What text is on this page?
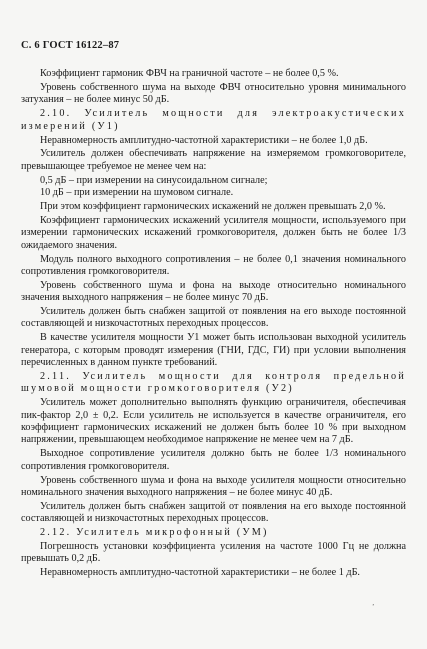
С. 6 ГОСТ 16122–87

Коэффициент гармоник ФВЧ на граничной частоте – не более 0,5 %.

Уровень собственного шума на выходе ФВЧ относительно уровня минимального затухания – не более минус 50 дБ.

2.10. Усилитель мощности для электроакустических измерений (У1)

Неравномерность амплитудно-частотной характеристики – не более 1,0 дБ.

Усилитель должен обеспечивать напряжение на измеряемом громкоговорителе, превышающее требуемое не менее чем на:

0,5 дБ – при измерении на синусоидальном сигнале;

10 дБ – при измерении на шумовом сигнале.

При этом коэффициент гармонических искажений не должен превышать 2,0 %.

Коэффициент гармонических искажений усилителя мощности, используемого при измерении гармонических искажений громкоговорителя, должен быть не более 1/3 ожидаемого значения.

Модуль полного выходного сопротивления – не более 0,1 значения номинального сопротивления громкоговорителя.

Уровень собственного шума и фона на выходе относительно номинального значения выходного напряжения – не более минус 70 дБ.

Усилитель должен быть снабжен защитой от появления на его выходе постоянной составляющей и низкочастотных переходных процессов.

В качестве усилителя мощности У1 может быть использован выходной усилитель генератора, с которым проводят измерения (ГНИ, ГДС, ГИ) при условии выполнения перечисленных в данном пункте требований.

2.11. Усилитель мощности для контроля предельной шумовой мощности громкоговорителя (У2)

Усилитель может дополнительно выполнять функцию ограничителя, обеспечивая пик-фактор 2,0 ± 0,2. Если усилитель не используется в качестве ограничителя, его коэффициент гармонических искажений не должен быть более 10 % при выходном напряжении, превышающем необходимое напряжение не менее чем на 7 дБ.

Выходное сопротивление усилителя должно быть не более 1/3 номинального сопротивления громкоговорителя.

Уровень собственного шума и фона на выходе усилителя мощности относительно номинального значения выходного напряжения – не более минус 40 дБ.

Усилитель должен быть снабжен защитой от появления на его выходе постоянной составляющей и низкочастотных переходных процессов.

2.12. Усилитель микрофонный (УМ)

Погрешность установки коэффициента усиления на частоте 1000 Гц не должна превышать 0,2 дБ.

Неравномерность амплитудно-частотной характеристики – не более 1 дБ.

’
